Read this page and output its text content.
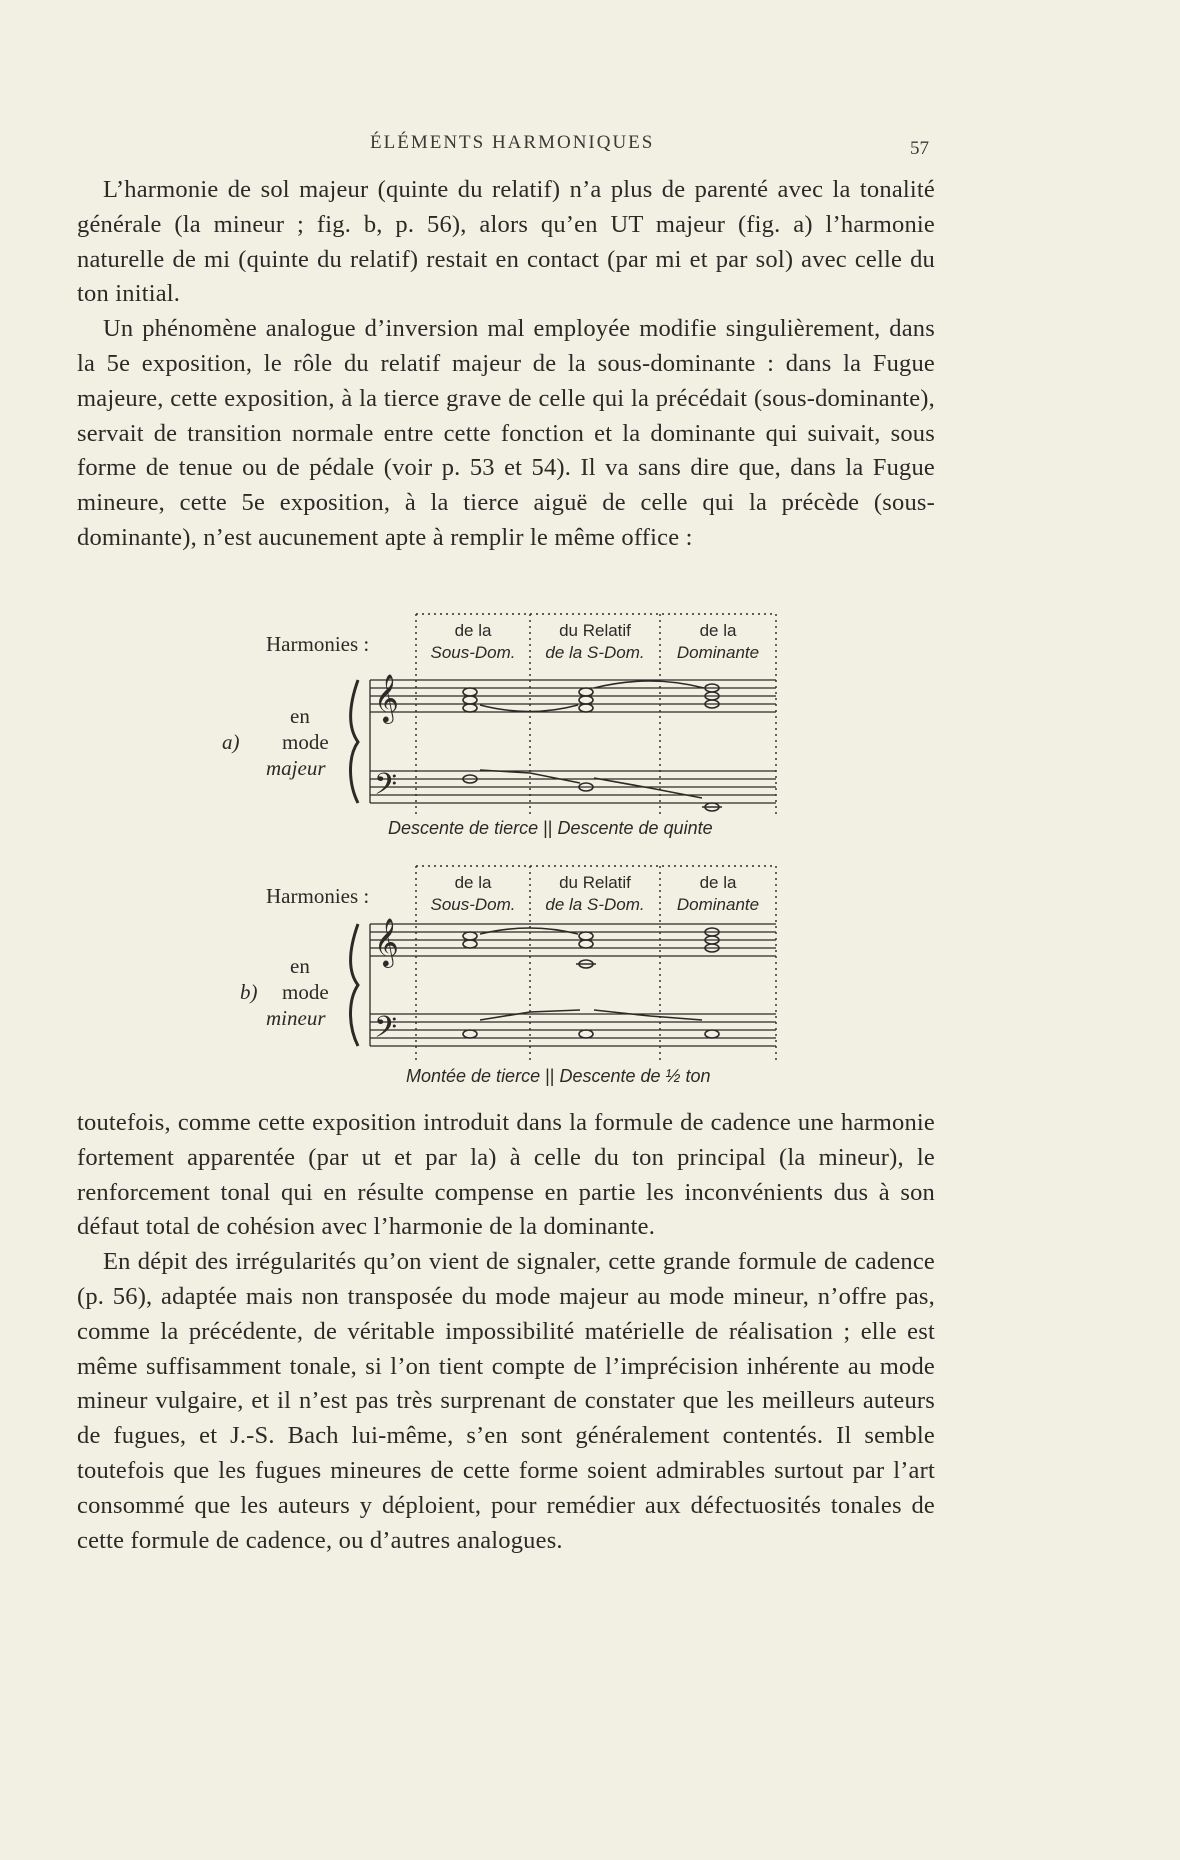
ÉLÉMENTS HARMONIQUES	57

L’harmonie de sol majeur (quinte du relatif) n’a plus de parenté avec la tonalité générale (la mineur ; fig. b, p. 56), alors qu’en UT majeur (fig. a) l’harmonie naturelle de mi (quinte du relatif) restait en contact (par mi et par sol) avec celle du ton initial.

Un phénomène analogue d’inversion mal employée modifie singulièrement, dans la 5e exposition, le rôle du relatif majeur de la sous-dominante : dans la Fugue majeure, cette exposition, à la tierce grave de celle qui la précédait (sous-dominante), servait de transition normale entre cette fonction et la dominante qui suivait, sous forme de tenue ou de pédale (voir p. 53 et 54). Il va sans dire que, dans la Fugue mineure, cette 5e exposition, à la tierce aiguë de celle qui la précède (sous-dominante), n’est aucunement apte à remplir le même office :

𝄞
𝄢
Harmonies :
de la
Sous-Dom.
du Relatif
de la S-Dom.
de la
Dominante
en
a) mode
majeur
Descente de tierce || Descente de quinte
𝄞
𝄢
Harmonies :
de la
Sous-Dom.
du Relatif
de la S-Dom.
de la
Dominante
en
b) mode
mineur
Montée de tierce || Descente de ½ ton

toutefois, comme cette exposition introduit dans la formule de cadence une harmonie fortement apparentée (par ut et par la) à celle du ton principal (la mineur), le renforcement tonal qui en résulte compense en partie les inconvénients dus à son défaut total de cohésion avec l’harmonie de la dominante.

En dépit des irrégularités qu’on vient de signaler, cette grande formule de cadence (p. 56), adaptée mais non transposée du mode majeur au mode mineur, n’offre pas, comme la précédente, de véritable impossibilité matérielle de réalisation ; elle est même suffisamment tonale, si l’on tient compte de l’imprécision inhérente au mode mineur vulgaire, et il n’est pas très surprenant de constater que les meilleurs auteurs de fugues, et J.-S. Bach lui-même, s’en sont généralement contentés. Il semble toutefois que les fugues mineures de cette forme soient admirables surtout par l’art consommé que les auteurs y déploient, pour remédier aux défectuosités tonales de cette formule de cadence, ou d’autres analogues.
